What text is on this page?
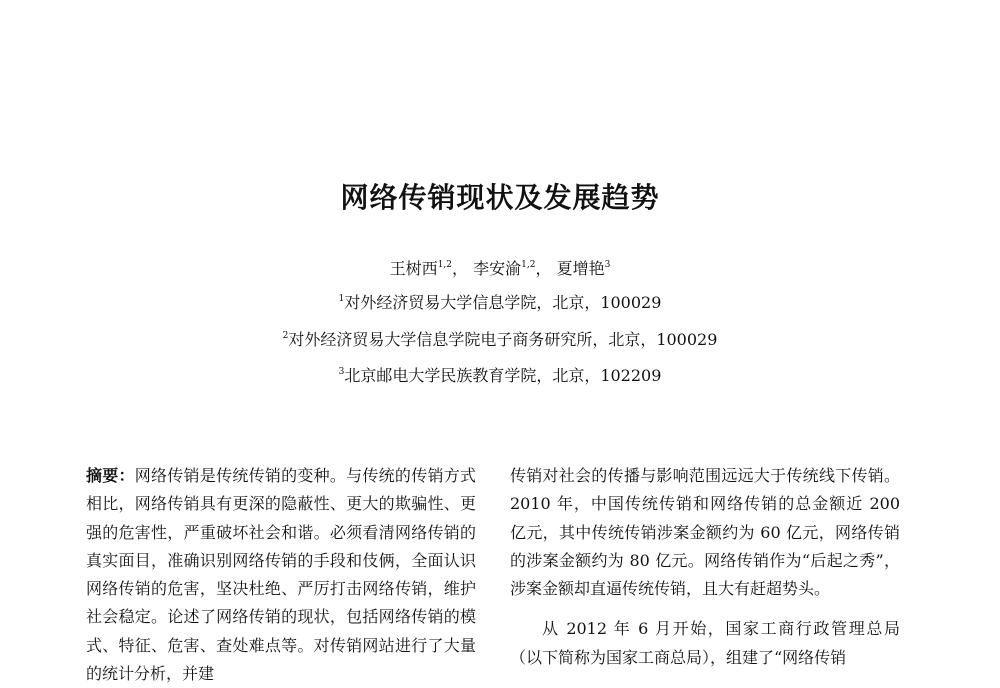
网络传销现状及发展趋势
王树西$^{1,2}$， 李安渝$^{1,2}$， 夏增艳$^3$
$^1$对外经济贸易大学信息学院，北京，100029
$^2$对外经济贸易大学信息学院电子商务研究所，北京，100029
$^3$北京邮电大学民族教育学院，北京，102209

摘要：网络传销是传统传销的变种。与传统的传销方式相比，网络传销具有更深的隐蔽性、更大的欺骗性、更强的危害性，严重破坏社会和谐。必须看清网络传销的真实面目，准确识别网络传销的手段和伎俩，全面认识网络传销的危害，坚决杜绝、严厉打击网络传销，维护社会稳定。论述了网络传销的现状，包括网络传销的模式、特征、危害、查处难点等。对传销网站进行了大量的统计分析，并建

传销对社会的传播与影响范围远远大于传统线下传销。2010 年，中国传统传销和网络传销的总金额近 200 亿元，其中传统传销涉案金额约为 60 亿元，网络传销的涉案金额约为 80 亿元。网络传销作为“后起之秀”，涉案金额却直逼传统传销，且大有赶超势头。

从 2012 年 6 月开始，国家工商行政管理总局（以下简称为国家工商总局），组建了“网络传销
